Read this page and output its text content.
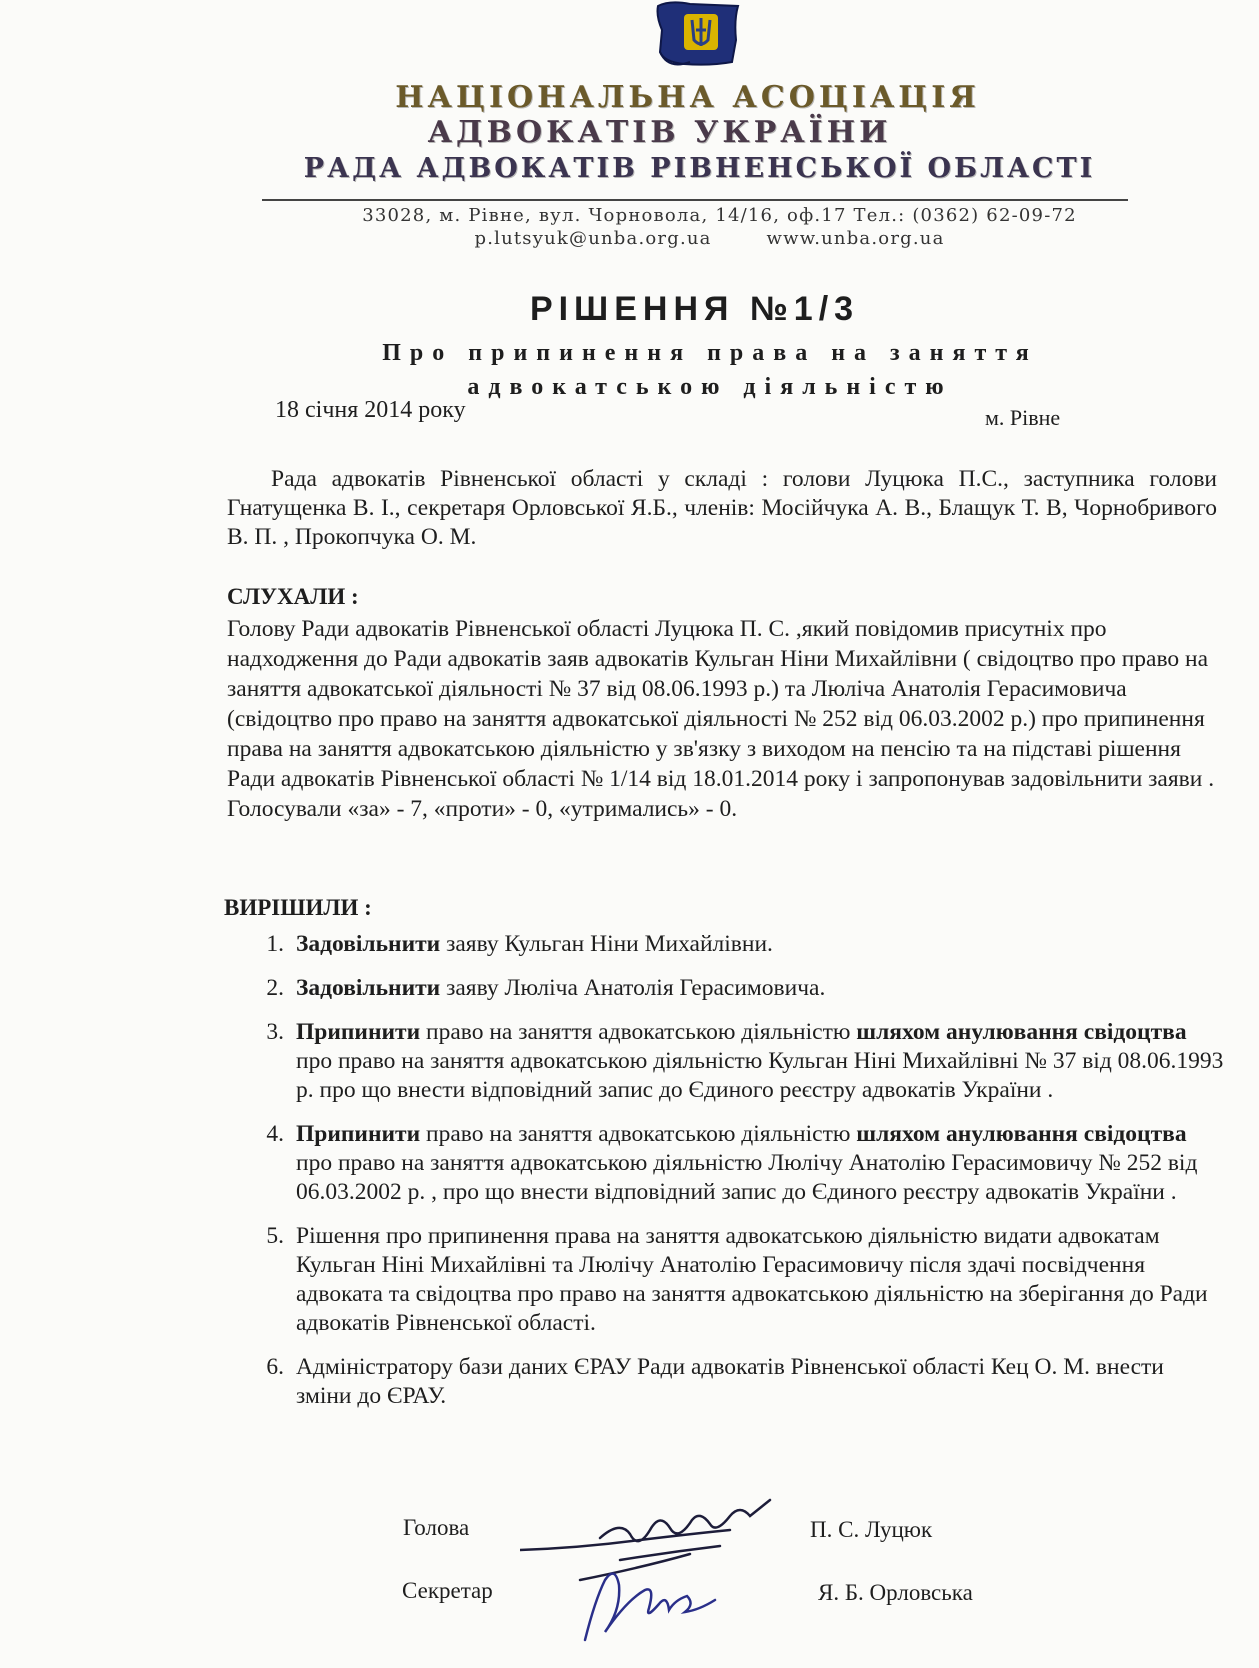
НАЦІОНАЛЬНА АСОЦІАЦІЯ
АДВОКАТІВ УКРАЇНИ
РАДА АДВОКАТІВ РІВНЕНСЬКОЇ ОБЛАСТІ
33028, м. Рівне, вул. Чорновола, 14/16, оф.17 Тел.: (0362) 62-09-72
p.lutsyuk@unba.org.ua	www.unba.org.ua
РІШЕННЯ №1/3
Про припинення права на заняття адвокатською діяльністю
18 січня 2014 року	м. Рівне
Рада адвокатів Рівненської області у складі : голови Луцюка П.С., заступника голови Гнатущенка В. І., секретаря Орловської Я.Б., членів: Мосійчука А. В., Блащук Т. В, Чорнобривого В. П. , Прокопчука О. М.
СЛУХАЛИ :
Голову Ради адвокатів Рівненської області Луцюка П. С. ,який повідомив присутніх про надходження до Ради адвокатів заяв адвокатів Кульган Ніни Михайлівни ( свідоцтво про право на заняття адвокатської діяльності № 37 від 08.06.1993 р.) та Люліча Анатолія Герасимовича (свідоцтво про право на заняття адвокатської діяльності № 252 від 06.03.2002 р.) про припинення права на заняття адвокатською діяльністю у зв'язку з виходом на пенсію та на підставі рішення Ради адвокатів Рівненської області № 1/14 від 18.01.2014 року і запропонував задовільнити заяви . Голосували «за» - 7, «проти» - 0, «утримались» - 0.
ВИРІШИЛИ :
1. Задовільнити заяву Кульган Ніни Михайлівни.
2. Задовільнити заяву Люліча Анатолія Герасимовича.
3. Припинити право на заняття адвокатською діяльністю шляхом анулювання свідоцтва про право на заняття адвокатською діяльністю Кульган Ніні Михайлівні № 37 від 08.06.1993 р. про що внести відповідний запис до Єдиного реєстру адвокатів України .
4. Припинити право на заняття адвокатською діяльністю шляхом анулювання свідоцтва про право на заняття адвокатською діяльністю Люлічу Анатолію Герасимовичу № 252 від 06.03.2002 р. , про що внести відповідний запис до Єдиного реєстру адвокатів України .
5. Рішення про припинення права на заняття адвокатською діяльністю видати адвокатам Кульган Ніні Михайлівні та Люлічу Анатолію Герасимовичу після здачі посвідчення адвоката та свідоцтва про право на заняття адвокатською діяльністю на зберігання до Ради адвокатів Рівненської області.
6. Адміністратору бази даних ЄРАУ Ради адвокатів Рівненської області Кец О. М. внести зміни до ЄРАУ.
Голова	П. С. Луцюк
Секретар	Я. Б. Орловська
